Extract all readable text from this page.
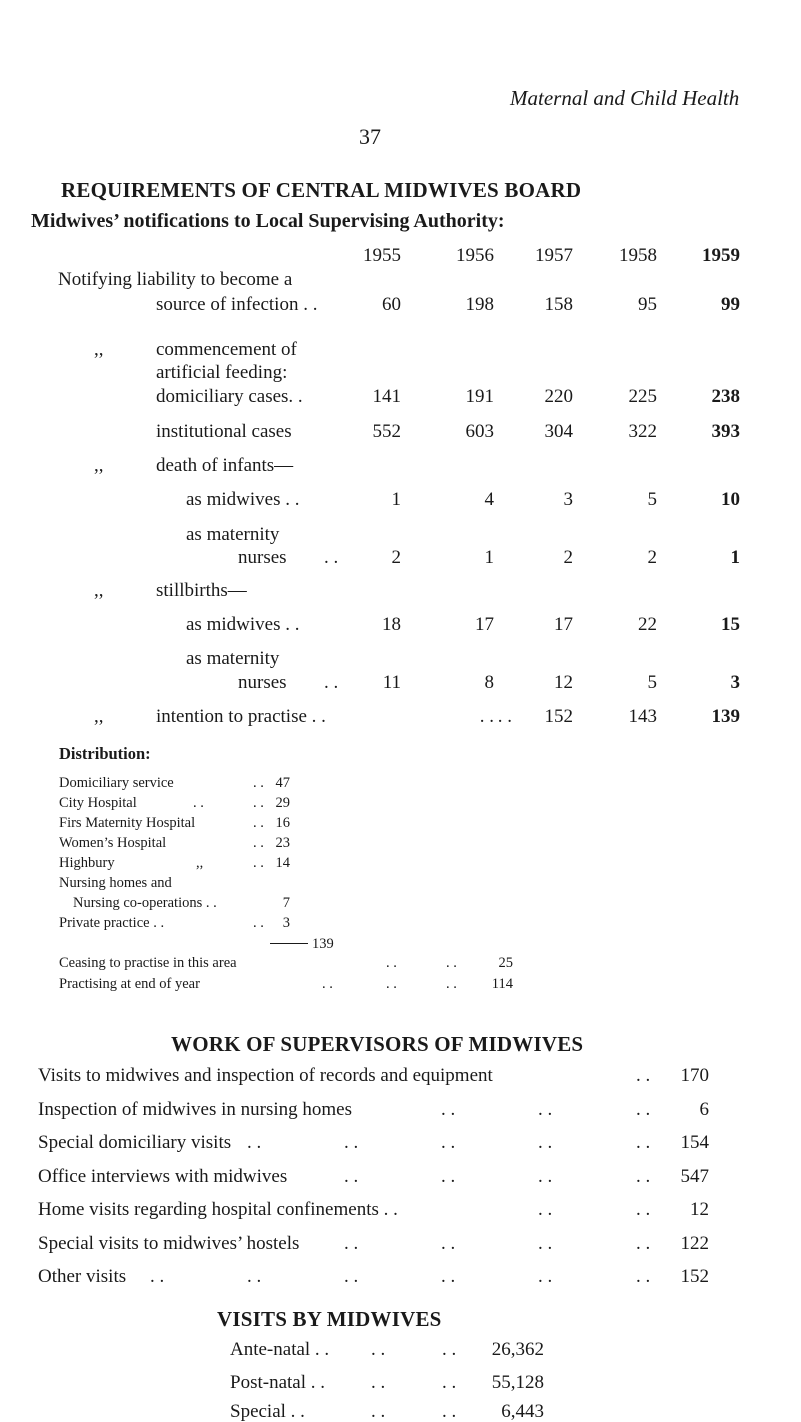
Maternal and Child Health
37
REQUIREMENTS OF CENTRAL MIDWIVES BOARD
Midwives’ notifications to Local Supervising Authority:
1955	1956	1957	1958	1959
Notifying liability to become a
source of infection . .	60	198	158	95	99
,,	commencement of
artificial feeding:
domiciliary cases. .	141	191	220	225	238
institutional cases	552	603	304	322	393
,,	death of infants—
as midwives . .	1	4	3	5	10
as maternity
nurses . .	2	1	2	2	1
,,	stillbirths—
as midwives . .	18	17	17	22	15
as maternity
nurses . .	11	8	12	5	3
,,	intention to practise . .	. . . .	152	143	139
Distribution:
Domiciliary service	. . 47
City Hospital	. .	. . 29
Firs Maternity Hospital	. . 16
Women’s Hospital	. . 23
Highbury	,,	. . 14
Nursing homes and
Nursing co-operations . .	7
Private practice . .	. .	3
139
Ceasing to practise in this area	. .	. .	25
Practising at end of year	. .	. .	. .	114
WORK OF SUPERVISORS OF MIDWIVES
Visits to midwives and inspection of records and equipment	. .	170
Inspection of midwives in nursing homes	. .	. .	. .	6
Special domiciliary visits . .	. .	. .	. .	. .	154
Office interviews with midwives	. .	. .	. .	. .	547
Home visits regarding hospital confinements . .	. .	. .	12
Special visits to midwives’ hostels . .	. .	. .	. .	122
Other visits . .	. .	. .	. .	. .	. .	152
VISITS BY MIDWIVES
Ante-natal . . . .	. .	26,362
Post-natal . . . .	. .	55,128
Special . .	. .	. .	6,443
